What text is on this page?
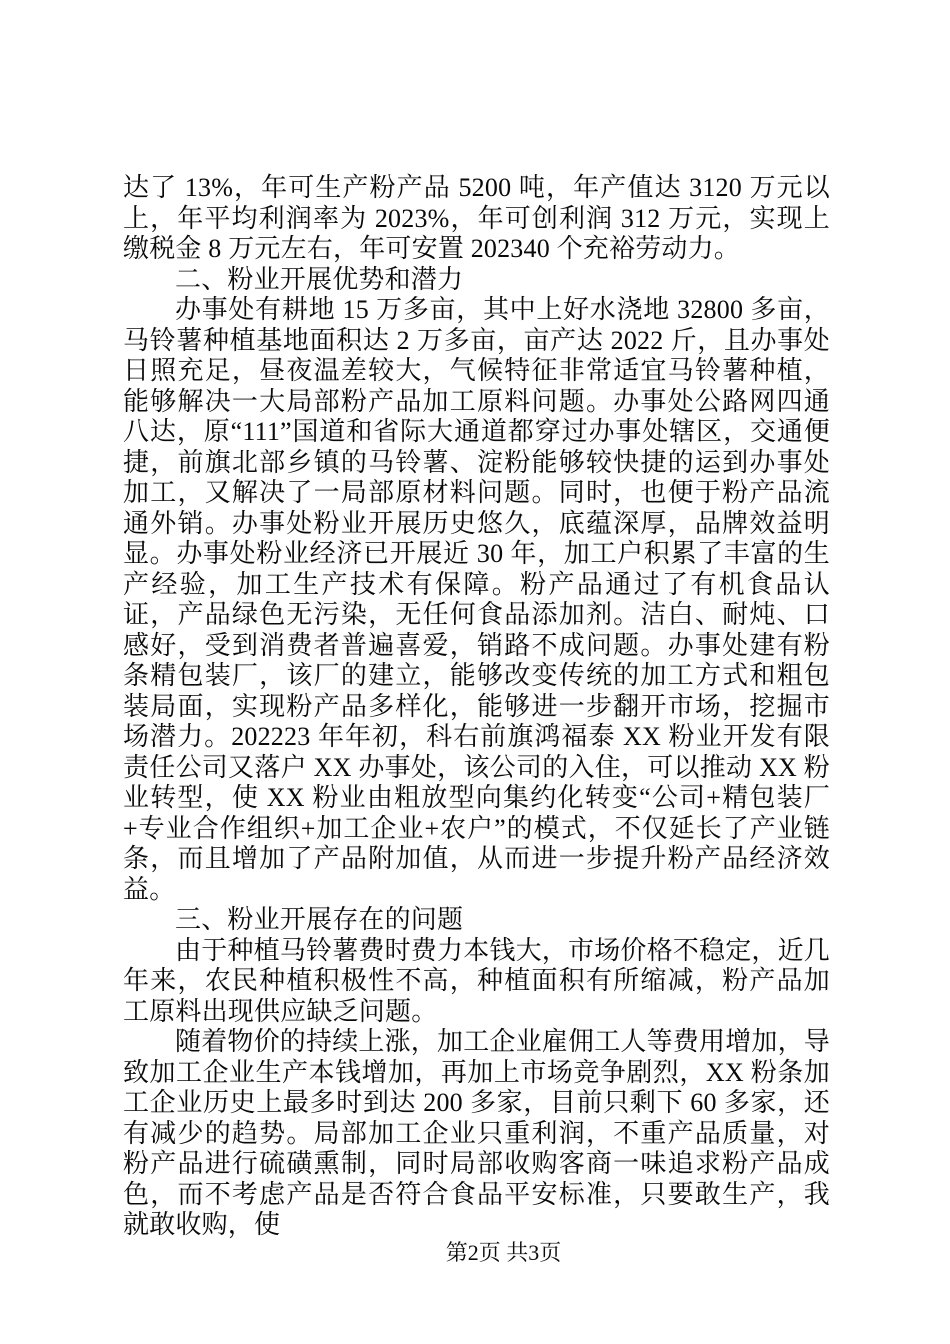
达了 13%，年可生产粉产品 5200 吨，年产值达 3120 万元以上，年平均利润率为 2023%，年可创利润 312 万元，实现上缴税金 8 万元左右，年可安置 202340 个充裕劳动力。

二、粉业开展优势和潜力

办事处有耕地 15 万多亩，其中上好水浇地 32800 多亩，马铃薯种植基地面积达 2 万多亩，亩产达 2022 斤，且办事处日照充足，昼夜温差较大，气候特征非常适宜马铃薯种植，能够解决一大局部粉产品加工原料问题。办事处公路网四通八达，原“111”国道和省际大通道都穿过办事处辖区，交通便捷，前旗北部乡镇的马铃薯、淀粉能够较快捷的运到办事处加工，又解决了一局部原材料问题。同时，也便于粉产品流通外销。办事处粉业开展历史悠久，底蕴深厚，品牌效益明显。办事处粉业经济已开展近 30 年，加工户积累了丰富的生产经验，加工生产技术有保障。粉产品通过了有机食品认证，产品绿色无污染，无任何食品添加剂。洁白、耐炖、口感好，受到消费者普遍喜爱，销路不成问题。办事处建有粉条精包装厂，该厂的建立，能够改变传统的加工方式和粗包装局面，实现粉产品多样化，能够进一步翻开市场，挖掘市场潜力。202223 年年初，科右前旗鸿福泰 XX 粉业开发有限责任公司又落户 XX 办事处，该公司的入住，可以推动 XX 粉业转型，使 XX 粉业由粗放型向集约化转变“公司+精包装厂+专业合作组织+加工企业+农户”的模式，不仅延长了产业链条，而且增加了产品附加值，从而进一步提升粉产品经济效益。

三、粉业开展存在的问题

由于种植马铃薯费时费力本钱大，市场价格不稳定，近几年来，农民种植积极性不高，种植面积有所缩减，粉产品加工原料出现供应缺乏问题。

随着物价的持续上涨，加工企业雇佣工人等费用增加，导致加工企业生产本钱增加，再加上市场竞争剧烈，XX 粉条加工企业历史上最多时到达 200 多家，目前只剩下 60 多家，还有减少的趋势。局部加工企业只重利润，不重产品质量，对粉产品进行硫磺熏制，同时局部收购客商一味追求粉产品成色，而不考虑产品是否符合食品平安标准，只要敢生产，我就敢收购，使

第2页 共3页
